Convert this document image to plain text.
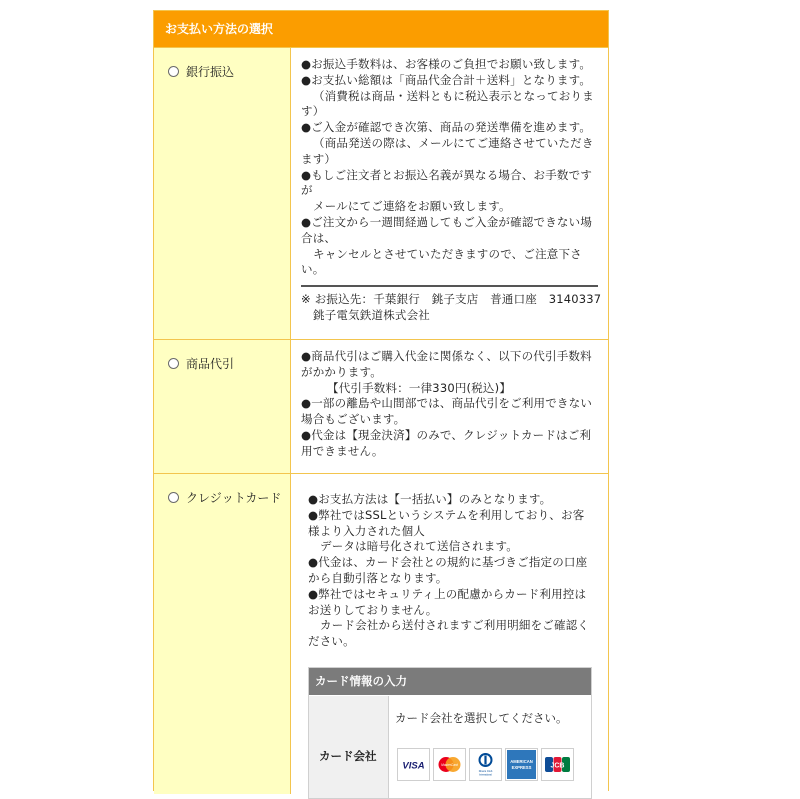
お支払い方法の選択
銀行振込
●お振込手数料は、お客様のご負担でお願い致します。
●お支払い総額は「商品代金合計＋送料」となります。
（消費税は商品・送料ともに税込表示となっておりま
す）
●ご入金が確認でき次第、商品の発送準備を進めます。
（商品発送の際は、メールにてご連絡させていただき
ます）
●もしご注文者とお振込名義が異なる場合、お手数です
が
メールにてご連絡をお願い致します。
●ご注文から一週間経過してもご入金が確認できない場
合は、
キャンセルとさせていただきますので、ご注意下さ
い。
※ お振込先：千葉銀行　銚子支店　普通口座　3140337
銚子電気鉄道株式会社
商品代引
●商品代引はご購入代金に関係なく、以下の代引手数料
がかかります。
【代引手数料：一律330円(税込)】
●一部の離島や山間部では、商品代引をご利用できない
場合もございます。
●代金は【現金決済】のみで、クレジットカードはご利
用できません。
クレジットカード ●お支払方法は【一括払い】のみとなります。
●弊社ではSSLというシステムを利用しており、お客
様より入力された個人
データは暗号化されて送信されます。
●代金は、カード会社との規約に基づきご指定の口座
から自動引落となります。
●弊社ではセキュリティ上の配慮からカード利用控は
お送りしておりません。
カード会社から送付されますご利用明細をご確認く
ださい。
カード情報の入力
カード会社
カード会社を選択してください。
VISA	MasterCard
Diners Club
International
AMERICAN
EXPRESS	JCB
